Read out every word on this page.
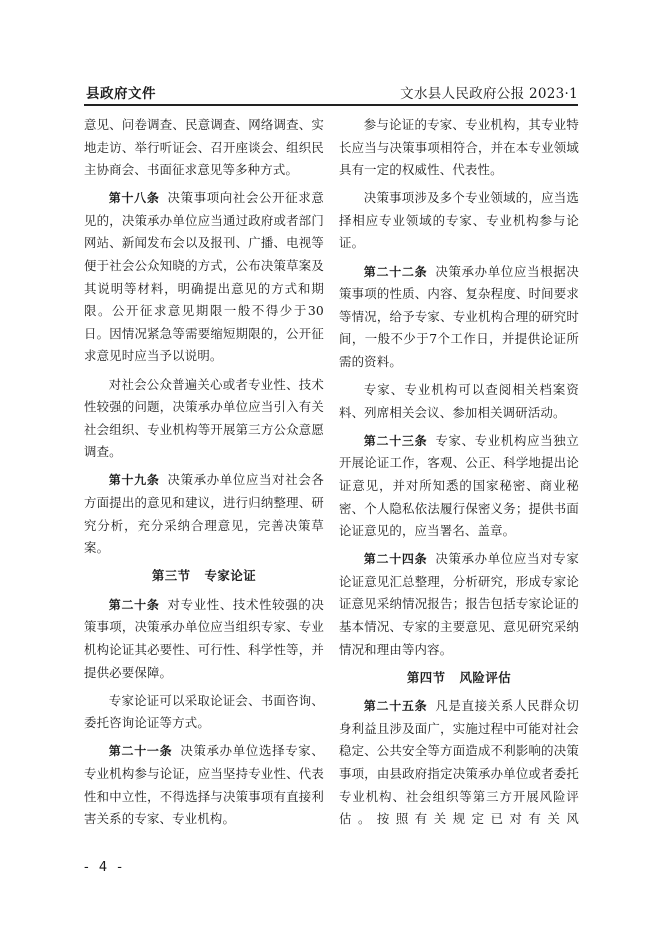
县政府文件	文水县人民政府公报 2023·1

意见、问卷调查、民意调查、网络调查、实地走访、举行听证会、召开座谈会、组织民主协商会、书面征求意见等多种方式。

第十八条 决策事项向社会公开征求意见的，决策承办单位应当通过政府或者部门网站、新闻发布会以及报刊、广播、电视等便于社会公众知晓的方式，公布决策草案及其说明等材料，明确提出意见的方式和期限。公开征求意见期限一般不得少于30日。因情况紧急等需要缩短期限的，公开征求意见时应当予以说明。

对社会公众普遍关心或者专业性、技术性较强的问题，决策承办单位应当引入有关社会组织、专业机构等开展第三方公众意愿调查。

第十九条 决策承办单位应当对社会各方面提出的意见和建议，进行归纳整理、研究分析，充分采纳合理意见，完善决策草案。

第三节 专家论证

第二十条 对专业性、技术性较强的决策事项，决策承办单位应当组织专家、专业机构论证其必要性、可行性、科学性等，并提供必要保障。

专家论证可以采取论证会、书面咨询、委托咨询论证等方式。

第二十一条 决策承办单位选择专家、专业机构参与论证，应当坚持专业性、代表性和中立性，不得选择与决策事项有直接利害关系的专家、专业机构。

参与论证的专家、专业机构，其专业特长应当与决策事项相符合，并在本专业领域具有一定的权威性、代表性。

决策事项涉及多个专业领域的，应当选择相应专业领域的专家、专业机构参与论证。

第二十二条 决策承办单位应当根据决策事项的性质、内容、复杂程度、时间要求等情况，给予专家、专业机构合理的研究时间，一般不少于7个工作日，并提供论证所需的资料。

专家、专业机构可以查阅相关档案资料、列席相关会议、参加相关调研活动。

第二十三条 专家、专业机构应当独立开展论证工作，客观、公正、科学地提出论证意见，并对所知悉的国家秘密、商业秘密、个人隐私依法履行保密义务；提供书面论证意见的，应当署名、盖章。

第二十四条 决策承办单位应当对专家论证意见汇总整理，分析研究，形成专家论证意见采纳情况报告；报告包括专家论证的基本情况、专家的主要意见、意见研究采纳情况和理由等内容。

第四节 风险评估

第二十五条 凡是直接关系人民群众切身利益且涉及面广，实施过程中可能对社会稳定、公共安全等方面造成不利影响的决策事项，由县政府指定决策承办单位或者委托专业机构、社会组织等第三方开展风险评估。按照有关规定已对有关风

- 4 -
